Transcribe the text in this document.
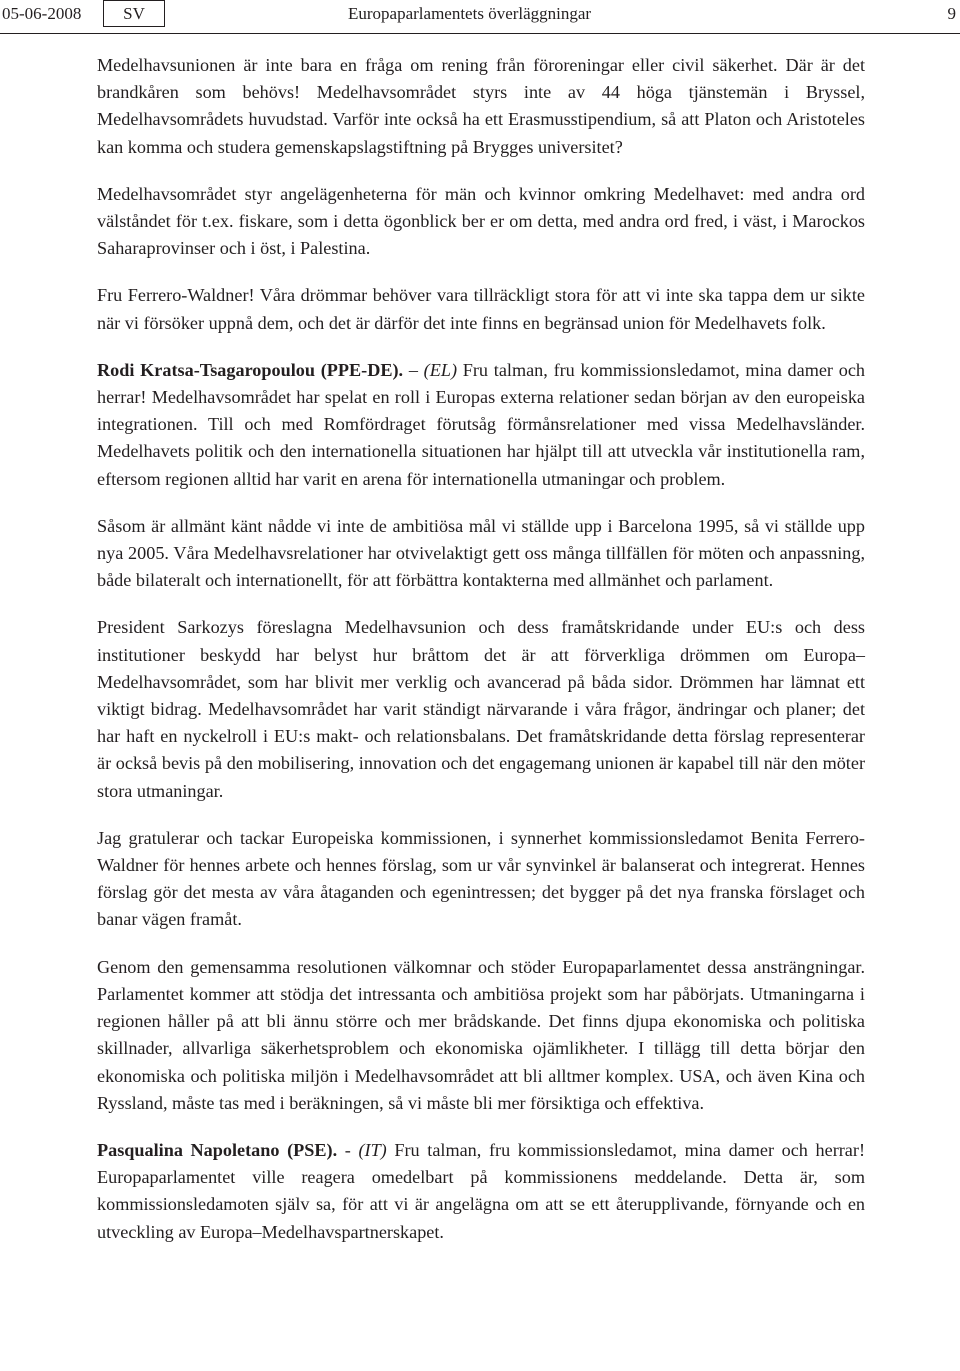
05-06-2008	SV	Europaparlamentets överläggningar	9

Medelhavsunionen är inte bara en fråga om rening från föroreningar eller civil säkerhet. Där är det brandkåren som behövs! Medelhavsområdet styrs inte av 44 höga tjänstemän i Bryssel, Medelhavsområdets huvudstad. Varför inte också ha ett Erasmusstipendium, så att Platon och Aristoteles kan komma och studera gemenskapslagstiftning på Brygges universitet?

Medelhavsområdet styr angelägenheterna för män och kvinnor omkring Medelhavet: med andra ord välståndet för t.ex. fiskare, som i detta ögonblick ber er om detta, med andra ord fred, i väst, i Marockos Saharaprovinser och i öst, i Palestina.

Fru Ferrero-Waldner! Våra drömmar behöver vara tillräckligt stora för att vi inte ska tappa dem ur sikte när vi försöker uppnå dem, och det är därför det inte finns en begränsad union för Medelhavets folk.

Rodi Kratsa-Tsagaropoulou (PPE-DE). – (EL) Fru talman, fru kommissionsledamot, mina damer och herrar! Medelhavsområdet har spelat en roll i Europas externa relationer sedan början av den europeiska integrationen. Till och med Romfördraget förutsåg förmånsrelationer med vissa Medelhavsländer. Medelhavets politik och den internationella situationen har hjälpt till att utveckla vår institutionella ram, eftersom regionen alltid har varit en arena för internationella utmaningar och problem.

Såsom är allmänt känt nådde vi inte de ambitiösa mål vi ställde upp i Barcelona 1995, så vi ställde upp nya 2005. Våra Medelhavsrelationer har otvivelaktigt gett oss många tillfällen för möten och anpassning, både bilateralt och internationellt, för att förbättra kontakterna med allmänhet och parlament.

President Sarkozys föreslagna Medelhavsunion och dess framåtskridande under EU:s och dess institutioner beskydd har belyst hur bråttom det är att förverkliga drömmen om Europa–Medelhavsområdet, som har blivit mer verklig och avancerad på båda sidor. Drömmen har lämnat ett viktigt bidrag. Medelhavsområdet har varit ständigt närvarande i våra frågor, ändringar och planer; det har haft en nyckelroll i EU:s makt- och relationsbalans. Det framåtskridande detta förslag representerar är också bevis på den mobilisering, innovation och det engagemang unionen är kapabel till när den möter stora utmaningar.

Jag gratulerar och tackar Europeiska kommissionen, i synnerhet kommissionsledamot Benita Ferrero-Waldner för hennes arbete och hennes förslag, som ur vår synvinkel är balanserat och integrerat. Hennes förslag gör det mesta av våra åtaganden och egenintressen; det bygger på det nya franska förslaget och banar vägen framåt.

Genom den gemensamma resolutionen välkomnar och stöder Europaparlamentet dessa ansträngningar. Parlamentet kommer att stödja det intressanta och ambitiösa projekt som har påbörjats. Utmaningarna i regionen håller på att bli ännu större och mer brådskande. Det finns djupa ekonomiska och politiska skillnader, allvarliga säkerhetsproblem och ekonomiska ojämlikheter. I tillägg till detta börjar den ekonomiska och politiska miljön i Medelhavsområdet att bli alltmer komplex. USA, och även Kina och Ryssland, måste tas med i beräkningen, så vi måste bli mer försiktiga och effektiva.

Pasqualina Napoletano (PSE). - (IT) Fru talman, fru kommissionsledamot, mina damer och herrar! Europaparlamentet ville reagera omedelbart på kommissionens meddelande. Detta är, som kommissionsledamoten själv sa, för att vi är angelägna om att se ett återupplivande, förnyande och en utveckling av Europa–Medelhavspartnerskapet.
